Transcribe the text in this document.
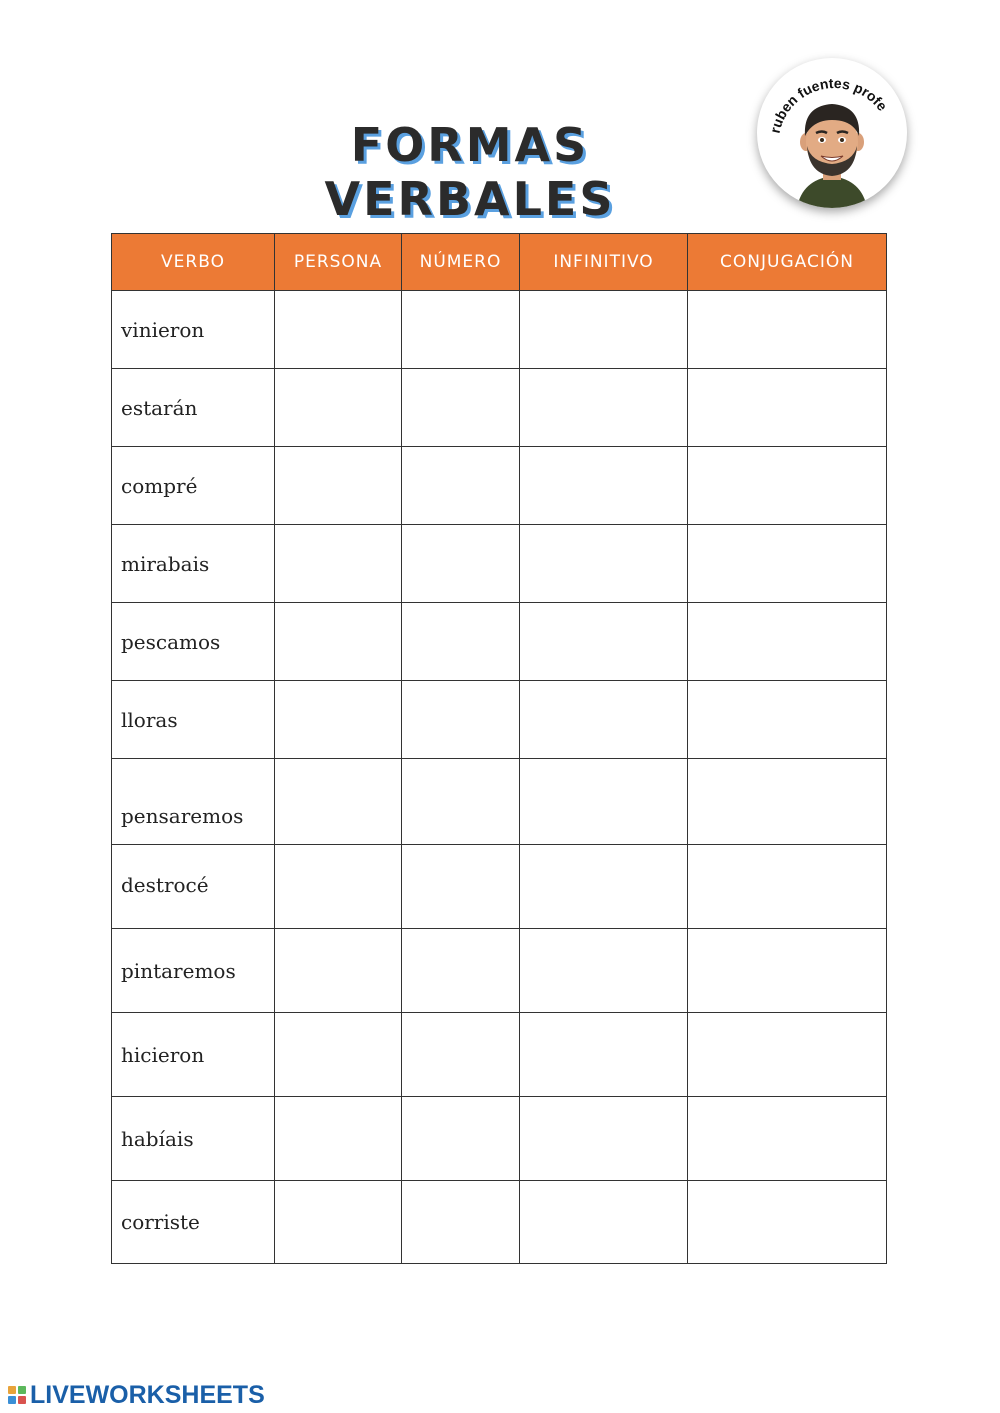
FORMAS VERBALES
ruben fuentes profe
VERBO	PERSONA	NÚMERO	INFINITIVO	CONJUGACIÓN
vinieron				
estarán				
compré				
mirabais				
pescamos				
lloras				
pensaremos				
destrocé				
pintaremos				
hicieron				
habíais				
corriste				
LIVEWORKSHEETS
